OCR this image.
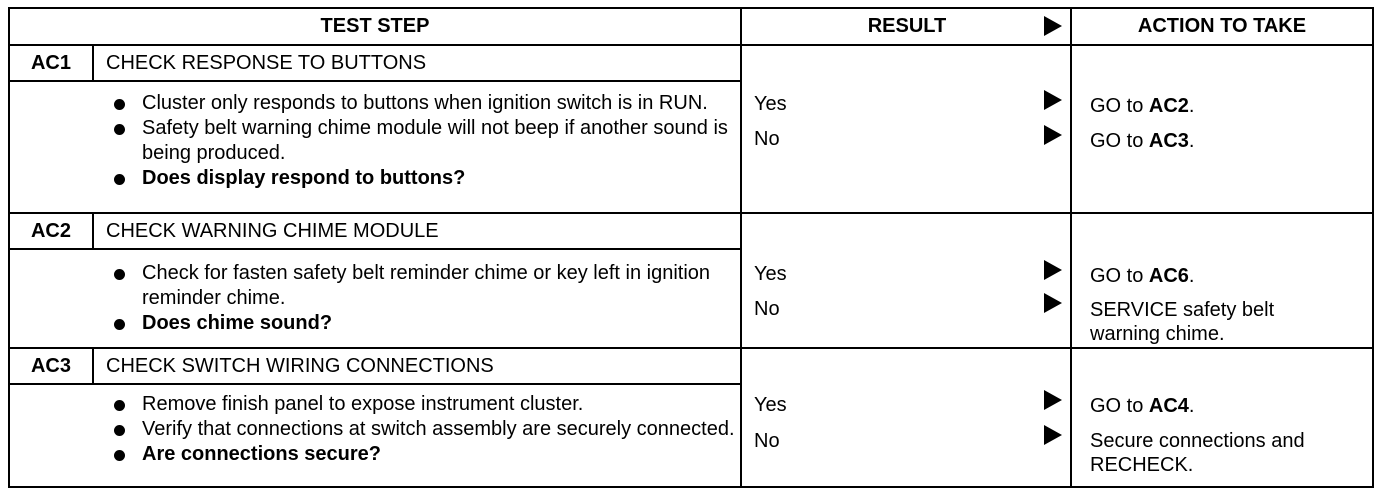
TEST STEP	RESULT	ACTION TO TAKE
AC1	CHECK RESPONSE TO BUTTONS
Cluster only responds to buttons when ignition switch is in RUN.
Safety belt warning chime module will not beep if another sound is being produced.
Does display respond to buttons?
Yes	GO to AC2.
No	GO to AC3.
AC2	CHECK WARNING CHIME MODULE
Check for fasten safety belt reminder chime or key left in ignition reminder chime.
Does chime sound?
Yes	GO to AC6.
No	SERVICE safety belt warning chime.
AC3	CHECK SWITCH WIRING CONNECTIONS
Remove finish panel to expose instrument cluster.
Verify that connections at switch assembly are securely connected.
Are connections secure?
Yes	GO to AC4.
No	Secure connections and RECHECK.
